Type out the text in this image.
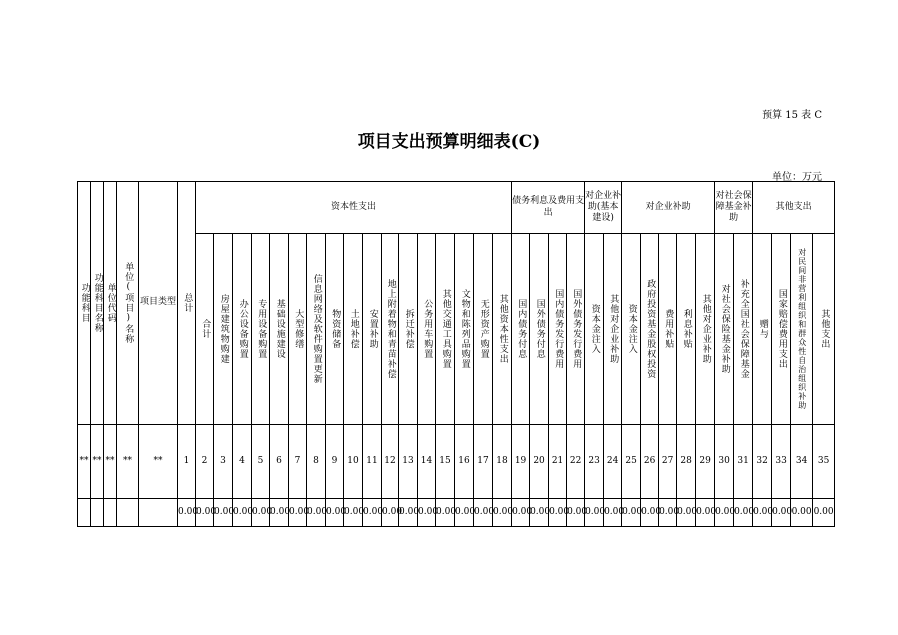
预算 15 表 C
项目支出预算明细表(C)
单位：万元
功能科目	功能科目名称	单位代码	单位(项目)名称	项目类型	总计	资本性支出																	债务利息及费用支出				对企业补助(基本建设)		对企业补助					对社会保障基金补助		其他支出			

						合计	房屋建筑物购建	办公设备购置	专用设备购置	基础设施建设	大型修缮	信息网络及软件购置更新	物资储备	土地补偿	安置补助	地上附着物和青苗补偿	拆迁补偿	公务用车购置	其他交通工具购置	文物和陈列品购置	无形资产购置	其他资本性支出	国内债务付息	国外债务付息	国内债务发行费用	国外债务发行费用	资本金注入	其他对企业补助	资本金注入	政府投资基金股权投资	费用补贴	利息补贴	其他对企业补助	对社会保险基金补助	补充全国社会保障基金	赠与	国家赔偿费用支出	对民间非营利组织和群众性自治组织补助	其他支出

**	**	**	**	**	1	2	3	4	5	6	7	8	9	10	11	12	13	14	15	16	17	18	19	20	21	22	23	24	25	26	27	28	29	30	31	32	33	34	35
					0.00	0.00	0.00	0.00	0.00	0.00	0.00	0.00	0.00	0.00	0.00	0.00	0.00	0.00	0.00	0.00	0.00	0.00	0.00	0.00	0.00	0.00	0.00	0.00	0.00	0.00	0.00	0.00	0.00	0.00	0.00	0.00	0.00	0.00	0.00
